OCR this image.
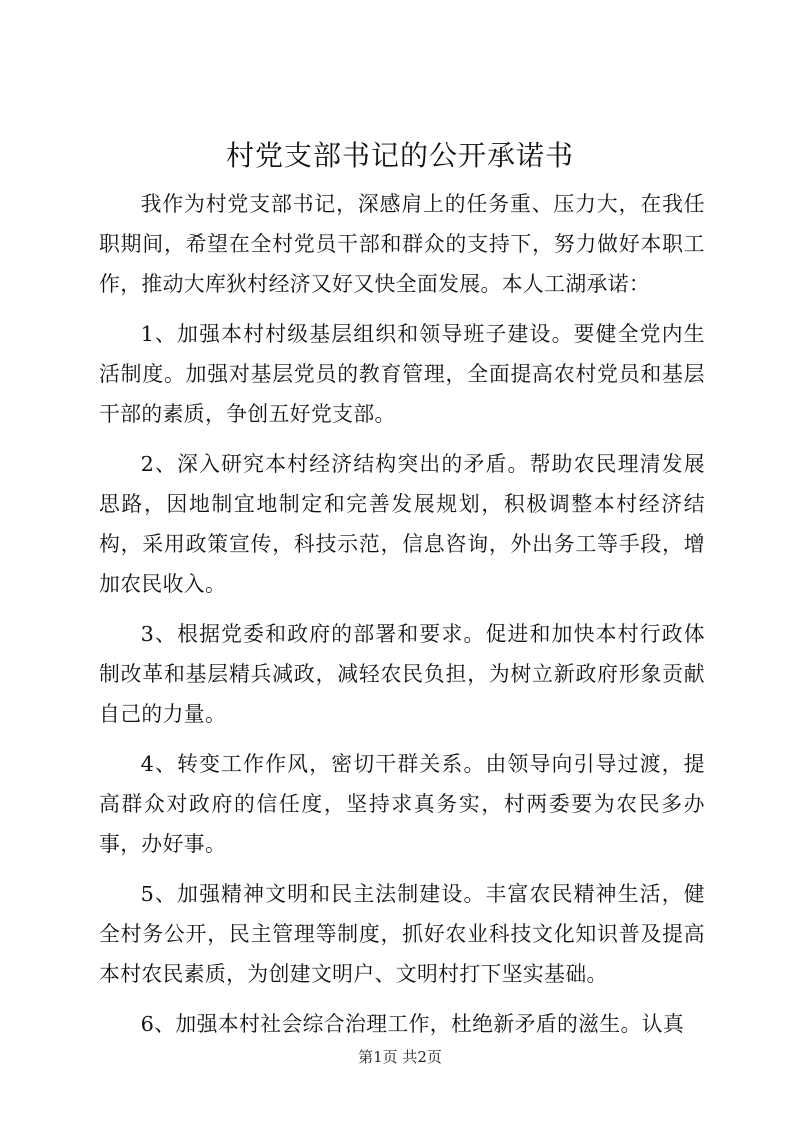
村党支部书记的公开承诺书

我作为村党支部书记，深感肩上的任务重、压力大，在我任职期间，希望在全村党员干部和群众的支持下，努力做好本职工作，推动大库狄村经济又好又快全面发展。本人工湖承诺：

1、加强本村村级基层组织和领导班子建设。要健全党内生活制度。加强对基层党员的教育管理，全面提高农村党员和基层干部的素质，争创五好党支部。

2、深入研究本村经济结构突出的矛盾。帮助农民理清发展思路，因地制宜地制定和完善发展规划，积极调整本村经济结构，采用政策宣传，科技示范，信息咨询，外出务工等手段，增加农民收入。

3、根据党委和政府的部署和要求。促进和加快本村行政体制改革和基层精兵减政，减轻农民负担，为树立新政府形象贡献自己的力量。

4、转变工作作风，密切干群关系。由领导向引导过渡，提高群众对政府的信任度，坚持求真务实，村两委要为农民多办事，办好事。

5、加强精神文明和民主法制建设。丰富农民精神生活，健全村务公开，民主管理等制度，抓好农业科技文化知识普及提高本村农民素质，为创建文明户、文明村打下坚实基础。

6、加强本村社会综合治理工作，杜绝新矛盾的滋生。认真

第1页 共2页
